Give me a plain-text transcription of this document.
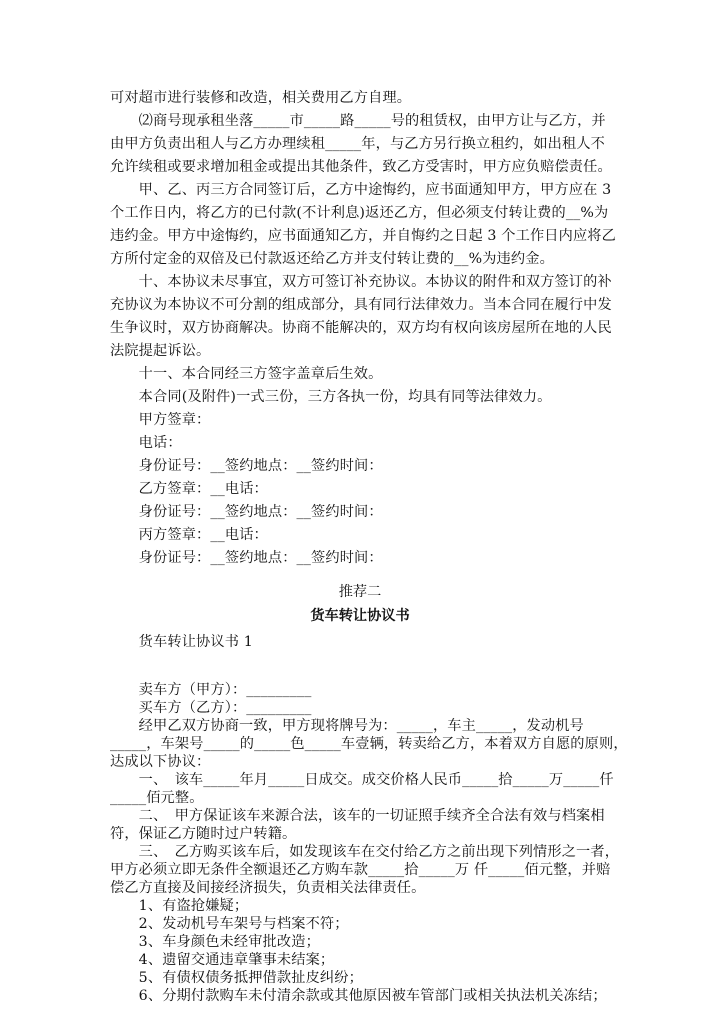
可对超市进行装修和改造，相关费用乙方自理。
　　⑵商号现承租坐落_____市_____路_____号的租赁权，由甲方让与乙方，并
由甲方负责出租人与乙方办理续租_____年，与乙方另行换立租约，如出租人不
允许续租或要求增加租金或提出其他条件，致乙方受害时，甲方应负赔偿责任。
　　甲、乙、丙三方合同签订后，乙方中途悔约，应书面通知甲方，甲方应在 3
个工作日内，将乙方的已付款(不计利息)返还乙方，但必须支付转让费的__%为
违约金。甲方中途悔约，应书面通知乙方，并自悔约之日起 3 个工作日内应将乙
方所付定金的双倍及已付款返还给乙方并支付转让费的__%为违约金。
　　十、本协议未尽事宜，双方可签订补充协议。本协议的附件和双方签订的补
充协议为本协议不可分割的组成部分，具有同行法律效力。当本合同在履行中发
生争议时，双方协商解决。协商不能解决的，双方均有权向该房屋所在地的人民
法院提起诉讼。
　　十一、本合同经三方签字盖章后生效。
　　本合同(及附件)一式三份，三方各执一份，均具有同等法律效力。
　　甲方签章：
　　电话：
　　身份证号：__签约地点：__签约时间：
　　乙方签章：__电话：
　　身份证号：__签约地点：__签约时间：
　　丙方签章：__电话：
　　身份证号：__签约地点：__签约时间：
推荐二
货车转让协议书
　　货车转让协议书 1
　　卖车方（甲方）：_________
　　买车方（乙方）：_________
　　经甲乙双方协商一致，甲方现将牌号为：_____，车主_____，发动机号
_____，车架号_____的_____色_____车壹辆，转卖给乙方，本着双方自愿的原则，
达成以下协议：
　　一、　该车_____年月_____日成交。成交价格人民币_____拾_____万_____仟
_____佰元整。
　　二、　甲方保证该车来源合法，该车的一切证照手续齐全合法有效与档案相
符，保证乙方随时过户转籍。
　　三、　乙方购买该车后，如发现该车在交付给乙方之前出现下列情形之一者，
甲方必须立即无条件全额退还乙方购车款_____拾_____万 仟_____佰元整，并赔
偿乙方直接及间接经济损失，负责相关法律责任。
　　1、有盗抢嫌疑；
　　2、发动机号车架号与档案不符；
　　3、车身颜色未经审批改造；
　　4、遗留交通违章肇事未结案；
　　5、有债权债务抵押借款扯皮纠纷；
　　6、分期付款购车未付清余款或其他原因被车管部门或相关执法机关冻结；
